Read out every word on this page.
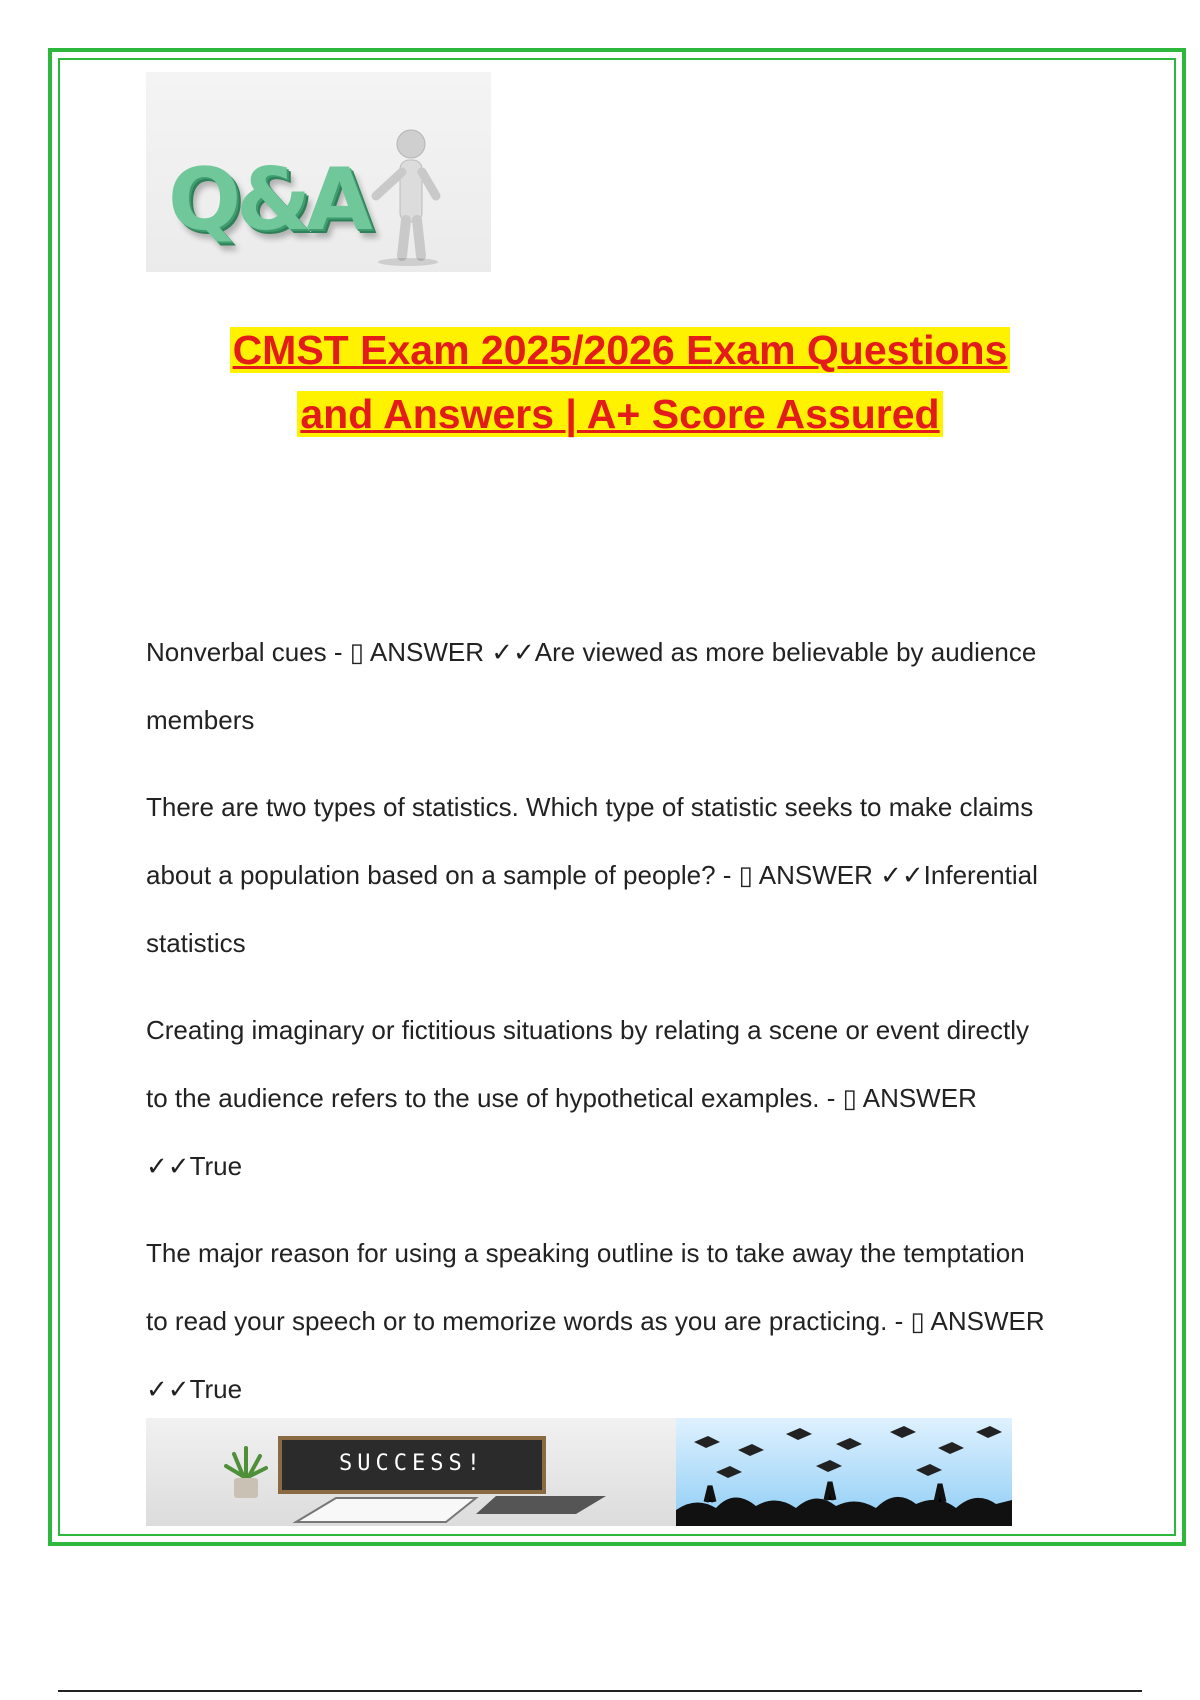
Q&A
CMST Exam 2025/2026 Exam Questions
and Answers | A+ Score Assured

Nonverbal cues - ▯ ANSWER ✓✓Are viewed as more believable by audience members

There are two types of statistics. Which type of statistic seeks to make claims about a population based on a sample of people? - ▯ ANSWER ✓✓Inferential statistics

Creating imaginary or fictitious situations by relating a scene or event directly to the audience refers to the use of hypothetical examples. - ▯ ANSWER ✓✓True

The major reason for using a speaking outline is to take away the temptation to read your speech or to memorize words as you are practicing. - ▯ ANSWER ✓✓True

SUCCESS!
